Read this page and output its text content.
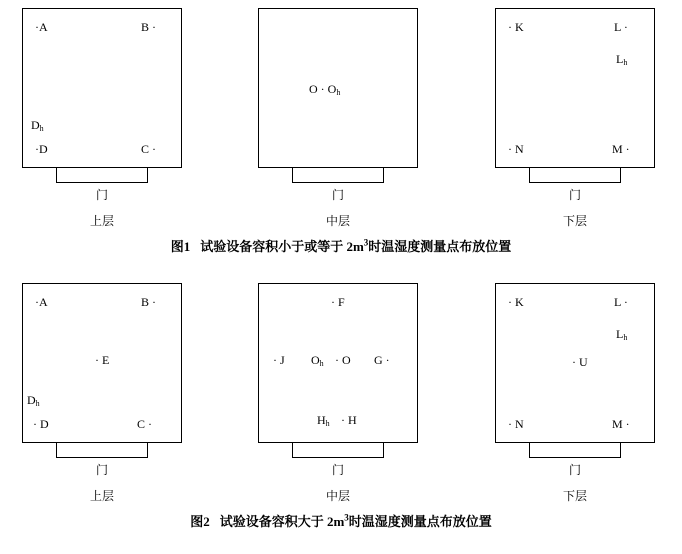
·A	B ·
$D_h$
·D	C ·
门
上层
$O \cdot O_h$
门
中层
· K	L ·
$L_h$
· N	M ·
门
下层
图1 试验设备容积小于或等于 $2m^3$时温湿度测量点布放位置
·A	B ·
· E
$D_h$
· D	C ·
门
上层
· F
· J $O_h \cdot O$ G ·
$H_h \cdot H$
门
中层
· K	L ·
$L_h$
· U
· N	M ·
门
下层
图2 试验设备容积大于 $2m^3$时温湿度测量点布放位置
